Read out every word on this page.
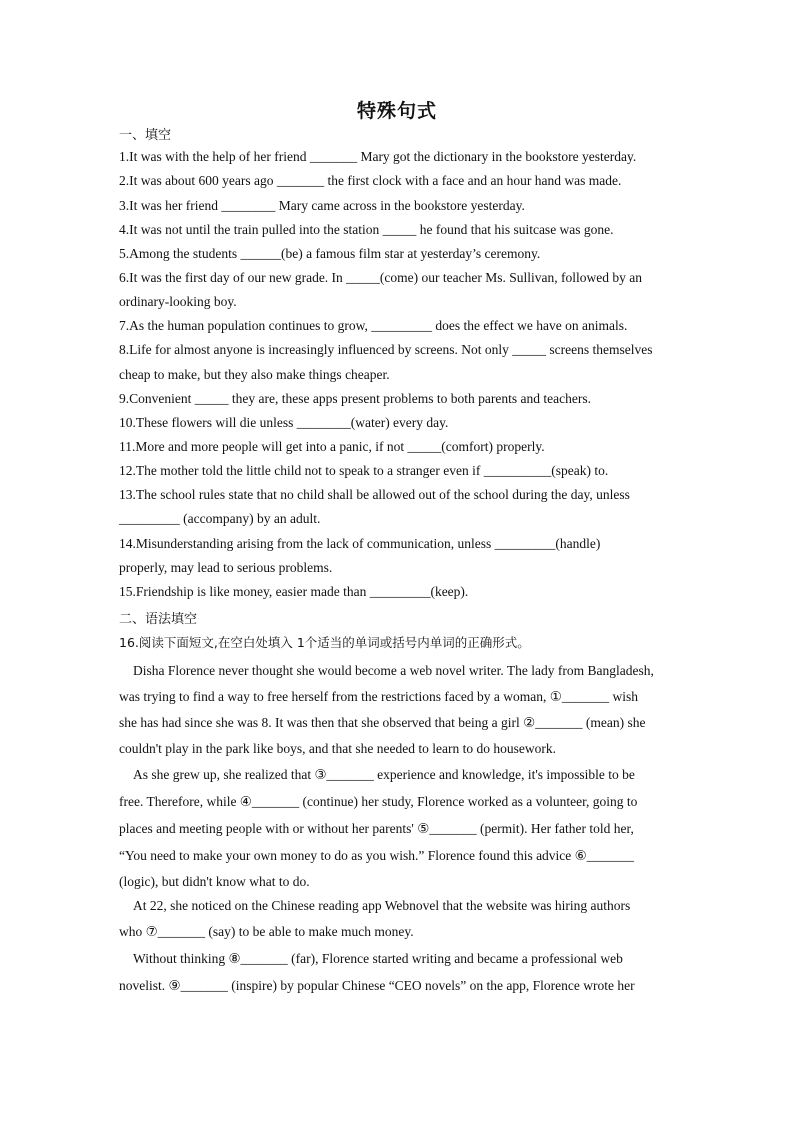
特殊句式
一、填空
1.It was with the help of her friend _______ Mary got the dictionary in the bookstore yesterday.
2.It was about 600 years ago _______ the first clock with a face and an hour hand was made.
3.It was her friend ________ Mary came across in the bookstore yesterday.
4.It was not until the train pulled into the station _____ he found that his suitcase was gone.
5.Among the students ______(be) a famous film star at yesterday’s ceremony.
6.It was the first day of our new grade. In _____(come) our teacher Ms. Sullivan, followed by an
ordinary-looking boy.
7.As the human population continues to grow, _________ does the effect we have on animals.
8.Life for almost anyone is increasingly influenced by screens. Not only _____ screens themselves
cheap to make, but they also make things cheaper.
9.Convenient _____ they are, these apps present problems to both parents and teachers.
10.These flowers will die unless ________(water) every day.
11.More and more people will get into a panic, if not _____(comfort) properly.
12.The mother told the little child not to speak to a stranger even if __________(speak) to.
13.The school rules state that no child shall be allowed out of the school during the day, unless
_________ (accompany) by an adult.
14.Misunderstanding arising from the lack of communication, unless _________(handle)
properly, may lead to serious problems.
15.Friendship is like money, easier made than _________(keep).
二、语法填空
16.阅读下面短文,在空白处填入 1个适当的单词或括号内单词的正确形式。
Disha Florence never thought she would become a web novel writer. The lady from Bangladesh,
was trying to find a way to free herself from the restrictions faced by a woman, ①_______ wish
she has had since she was 8. It was then that she observed that being a girl ②_______ (mean) she
couldn't play in the park like boys, and that she needed to learn to do housework.
As she grew up, she realized that ③_______ experience and knowledge, it's impossible to be
free. Therefore, while ④_______ (continue) her study, Florence worked as a volunteer, going to
places and meeting people with or without her parents' ⑤_______ (permit). Her father told her,
“You need to make your own money to do as you wish.” Florence found this advice ⑥_______
(logic), but didn't know what to do.
At 22, she noticed on the Chinese reading app Webnovel that the website was hiring authors
who ⑦_______ (say) to be able to make much money.
Without thinking ⑧_______ (far), Florence started writing and became a professional web
novelist. ⑨_______ (inspire) by popular Chinese “CEO novels” on the app, Florence wrote her
